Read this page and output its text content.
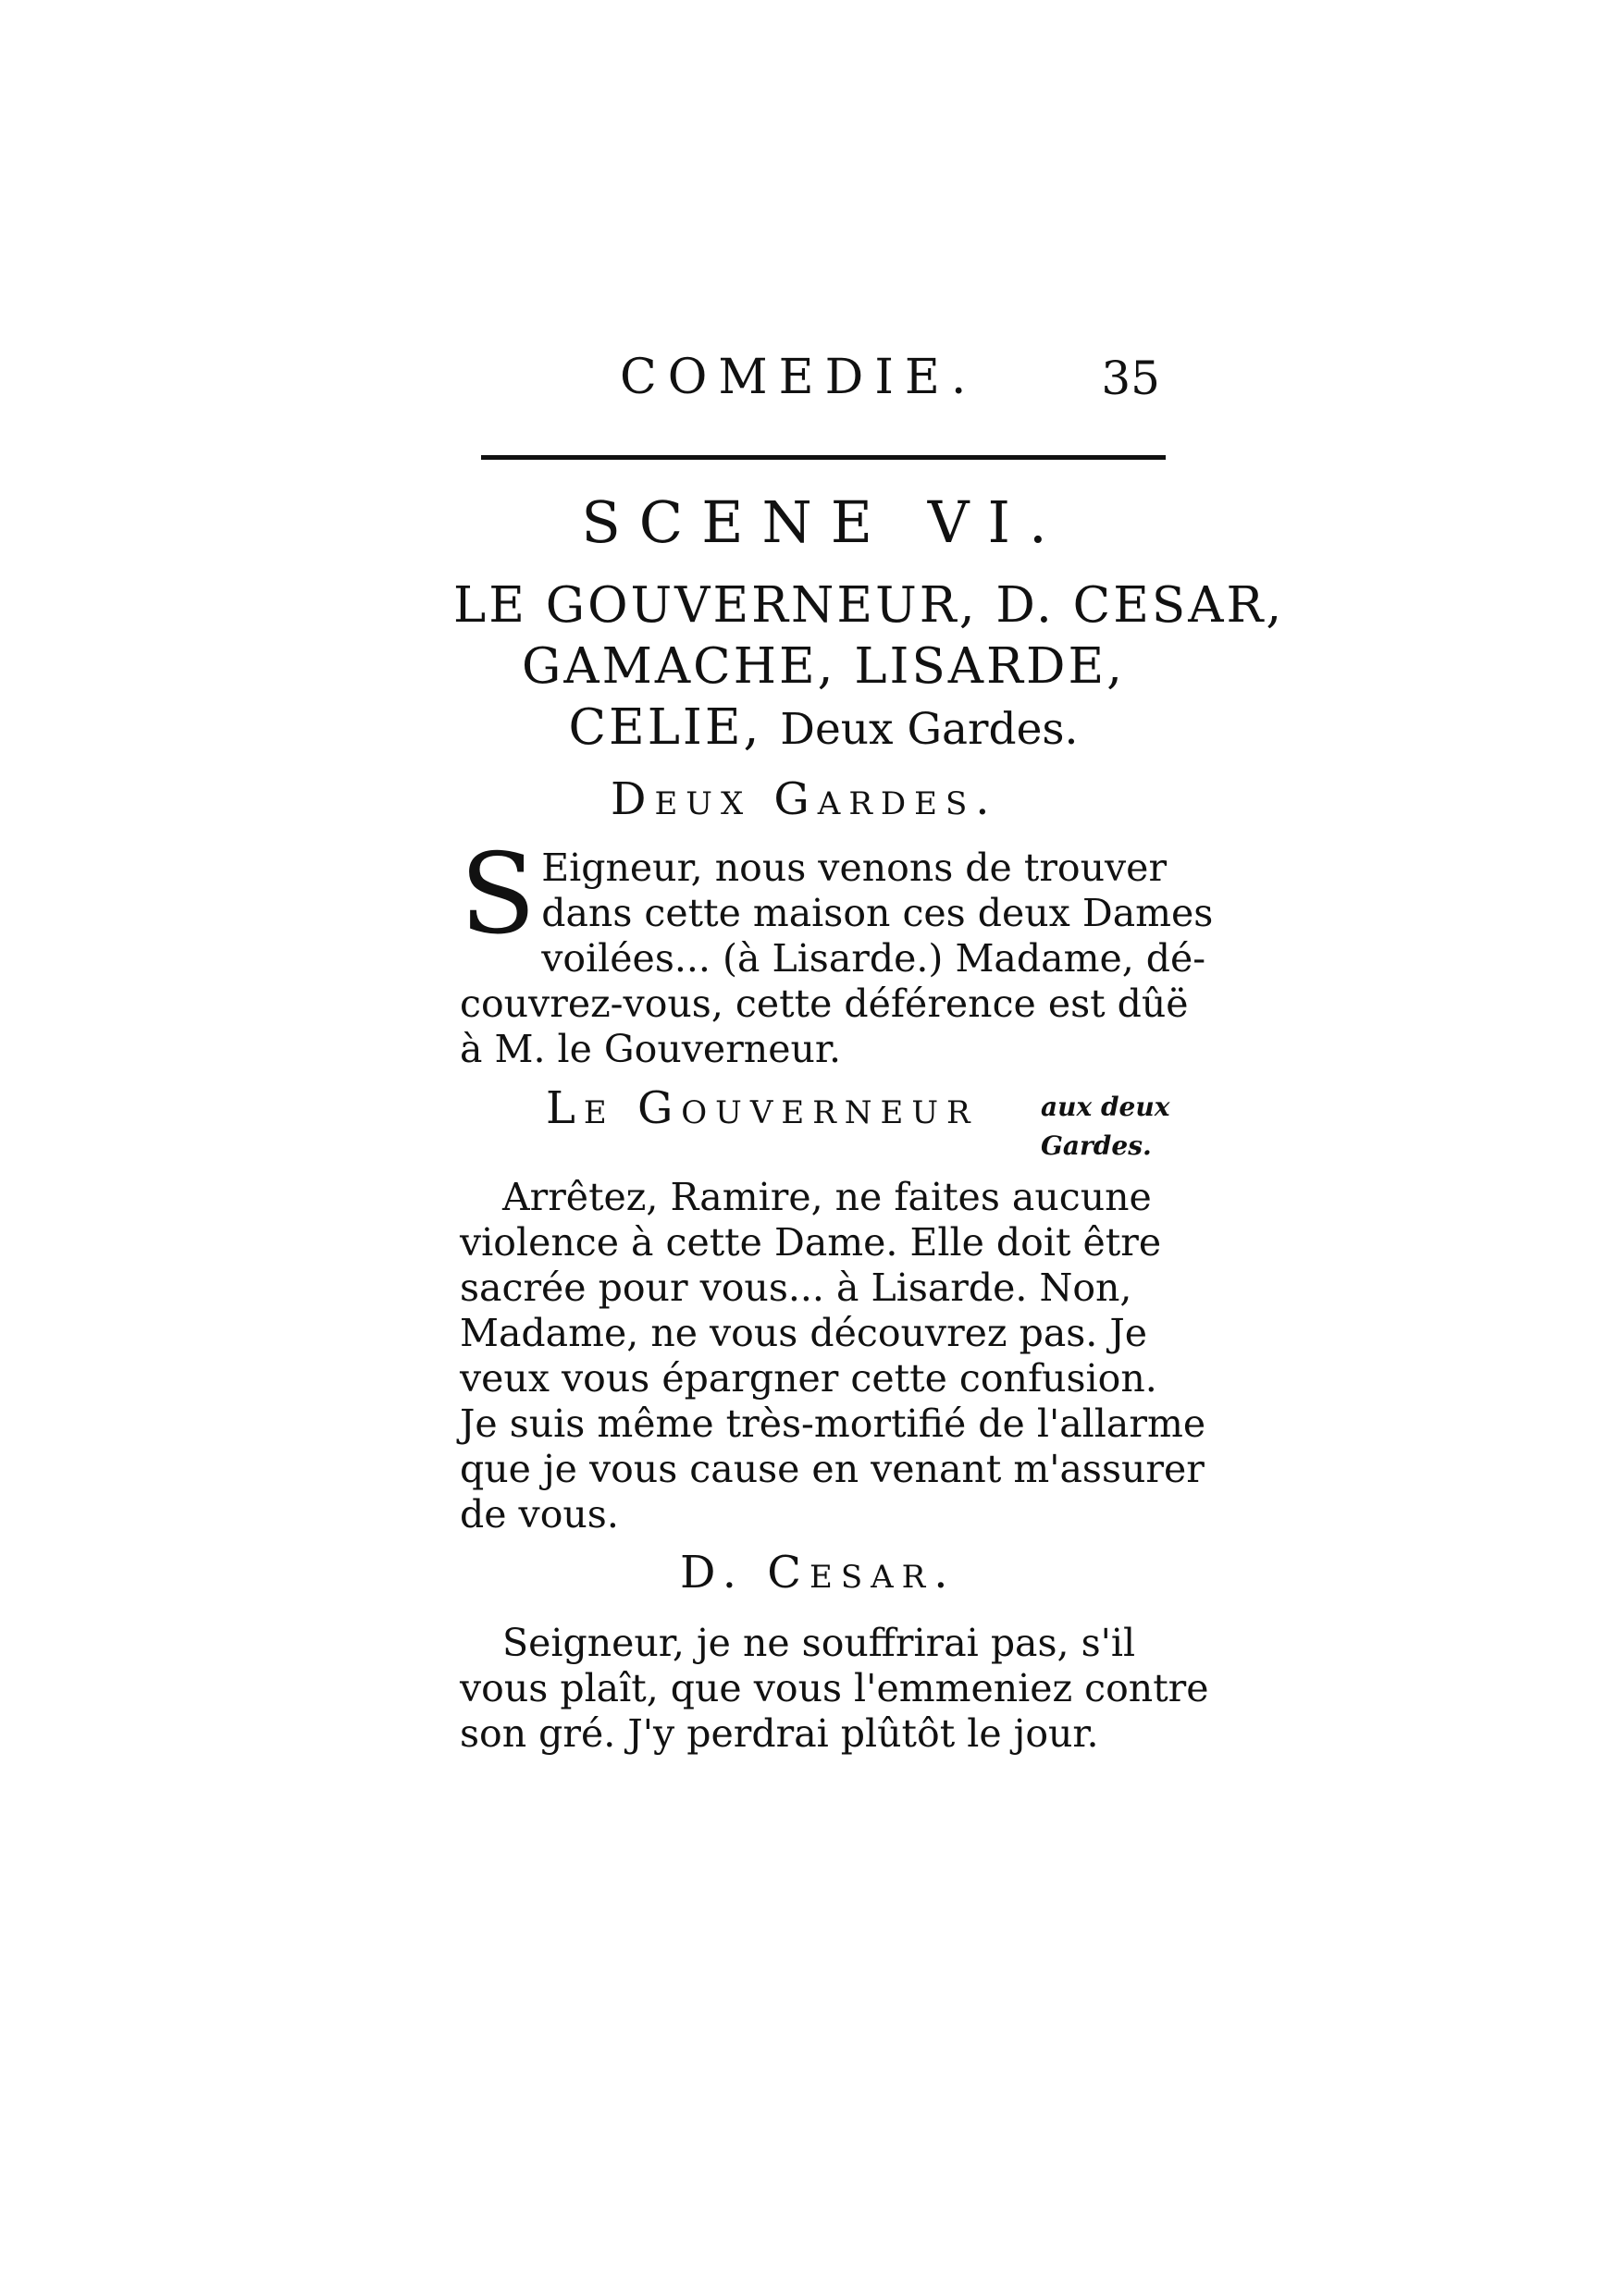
COMEDIE.	35
SCENE VI.
LE GOUVERNEUR, D. CESAR,
GAMACHE, LISARDE,
CELIE, Deux Gardes.
Deux Gardes.
S Eigneur, nous venons de trouver
dans cette maison ces deux Dames
voilées... (à Lisarde.) Madame, dé-
couvrez-vous, cette déférence est dûë
à M. le Gouverneur.
Le Gouverneur aux deux
Gardes.
Arrêtez, Ramire, ne faites aucune
violence à cette Dame. Elle doit être
sacrée pour vous... à Lisarde. Non,
Madame, ne vous découvrez pas. Je
veux vous épargner cette confusion.
Je suis même très-mortifié de l'allarme
que je vous cause en venant m'assurer
de vous.
D. Cesar.
Seigneur, je ne souffrirai pas, s'il
vous plaît, que vous l'emmeniez contre
son gré. J'y perdrai plûtôt le jour.
